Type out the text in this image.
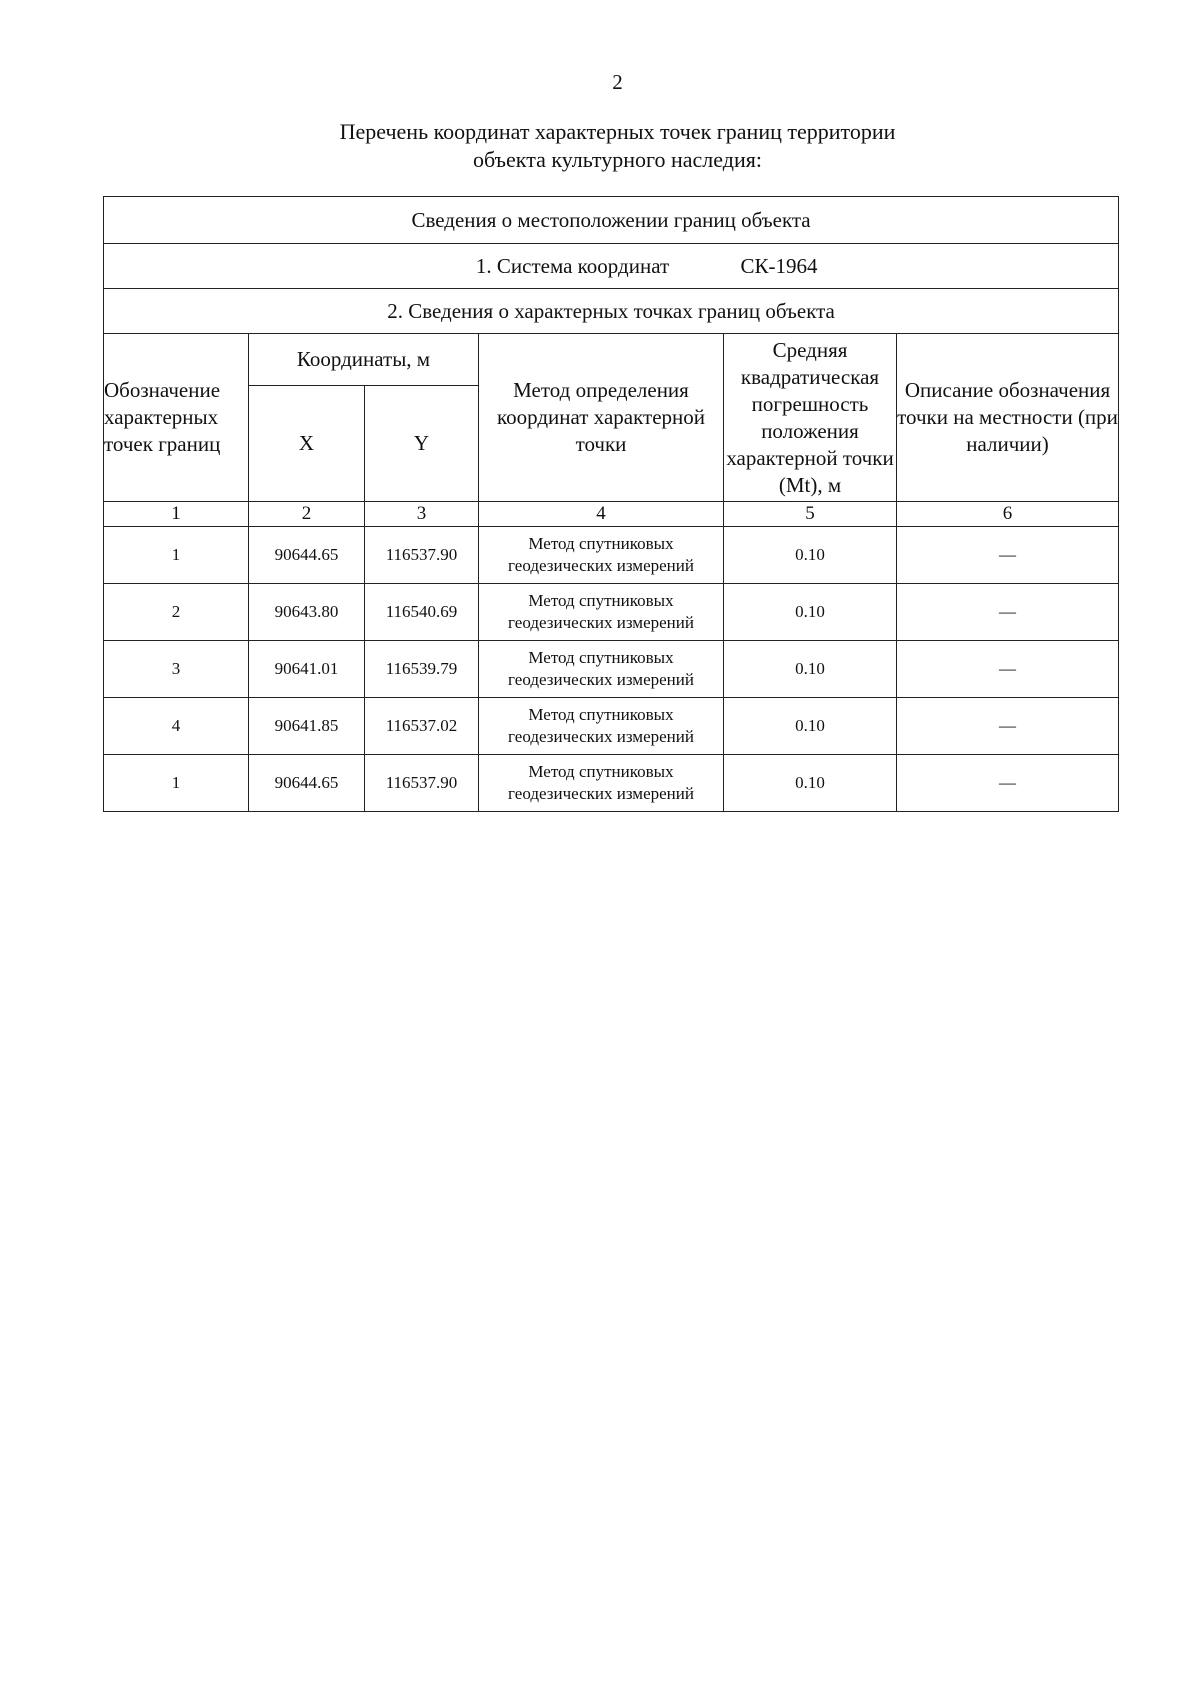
2
Перечень координат характерных точек границ территории
объекта культурного наследия:
Сведения о местоположении границ объекта					
1. Система координат СК-1964					
2. Сведения о характерных точках границ объекта					
Обозначение характерных точек границ	Координаты, м		Метод определения координат характерной точки	Средняя квадратическая погрешность положения характерной точки (Mt), м	Описание обозначения точки на местности (при наличии)
	X	Y			
1	2	3	4	5	6
1	90644.65	116537.90	Метод спутниковых геодезических измерений	0.10	—
2	90643.80	116540.69	Метод спутниковых геодезических измерений	0.10	—
3	90641.01	116539.79	Метод спутниковых геодезических измерений	0.10	—
4	90641.85	116537.02	Метод спутниковых геодезических измерений	0.10	—
1	90644.65	116537.90	Метод спутниковых геодезических измерений	0.10	—
